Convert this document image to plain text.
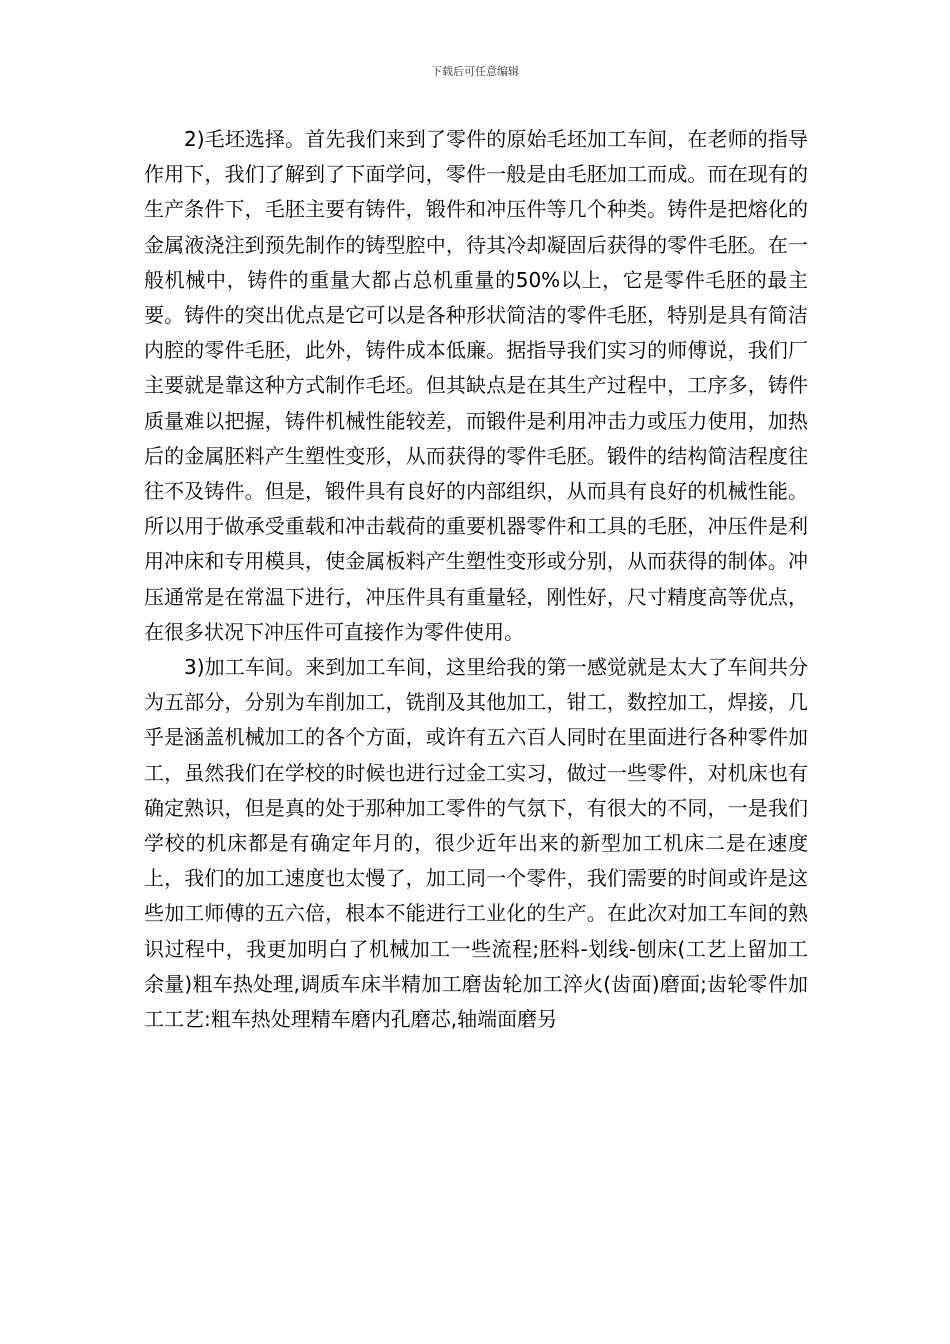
下载后可任意编辑

2)毛坯选择。首先我们来到了零件的原始毛坯加工车间，在老师的指导作用下，我们了解到了下面学问，零件一般是由毛胚加工而成。而在现有的生产条件下，毛胚主要有铸件，锻件和冲压件等几个种类。铸件是把熔化的金属液浇注到预先制作的铸型腔中，待其冷却凝固后获得的零件毛胚。在一般机械中，铸件的重量大都占总机重量的50%以上，它是零件毛胚的最主要。铸件的突出优点是它可以是各种形状简洁的零件毛胚，特别是具有简洁内腔的零件毛胚，此外，铸件成本低廉。据指导我们实习的师傅说，我们厂主要就是靠这种方式制作毛坯。但其缺点是在其生产过程中，工序多，铸件质量难以把握，铸件机械性能较差，而锻件是利用冲击力或压力使用，加热后的金属胚料产生塑性变形，从而获得的零件毛胚。锻件的结构简洁程度往往不及铸件。但是，锻件具有良好的内部组织，从而具有良好的机械性能。所以用于做承受重载和冲击载荷的重要机器零件和工具的毛胚，冲压件是利用冲床和专用模具，使金属板料产生塑性变形或分别，从而获得的制体。冲压通常是在常温下进行，冲压件具有重量轻，刚性好，尺寸精度高等优点，在很多状况下冲压件可直接作为零件使用。

3)加工车间。来到加工车间，这里给我的第一感觉就是太大了车间共分为五部分，分别为车削加工，铣削及其他加工，钳工，数控加工，焊接，几乎是涵盖机械加工的各个方面，或许有五六百人同时在里面进行各种零件加工，虽然我们在学校的时候也进行过金工实习，做过一些零件，对机床也有确定熟识，但是真的处于那种加工零件的气氛下，有很大的不同，一是我们学校的机床都是有确定年月的，很少近年出来的新型加工机床二是在速度上，我们的加工速度也太慢了，加工同一个零件，我们需要的时间或许是这些加工师傅的五六倍，根本不能进行工业化的生产。在此次对加工车间的熟识过程中，我更加明白了机械加工一些流程;胚料-划线-刨床(工艺上留加工余量)粗车热处理,调质车床半精加工磨齿轮加工淬火(齿面)磨面;齿轮零件加工工艺:粗车热处理精车磨内孔磨芯,轴端面磨另
